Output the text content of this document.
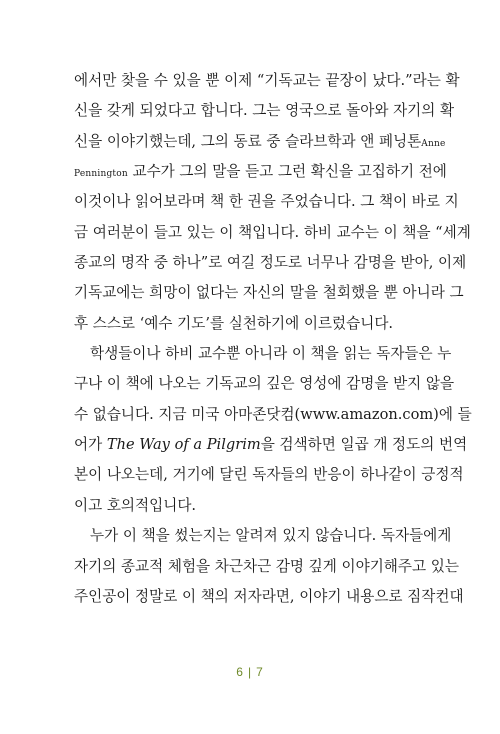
에서만 찾을 수 있을 뿐 이제 “기독교는 끝장이 났다.”라는 확
신을 갖게 되었다고 합니다. 그는 영국으로 돌아와 자기의 확
신을 이야기했는데, 그의 동료 중 슬라브학과 앤 페닝톤Anne
Pennington 교수가 그의 말을 듣고 그런 확신을 고집하기 전에
이것이나 읽어보라며 책 한 권을 주었습니다. 그 책이 바로 지
금 여러분이 들고 있는 이 책입니다. 하비 교수는 이 책을 “세계
종교의 명작 중 하나”로 여길 정도로 너무나 감명을 받아, 이제
기독교에는 희망이 없다는 자신의 말을 철회했을 뿐 아니라 그
후 스스로 ‘예수 기도’를 실천하기에 이르렀습니다.
학생들이나 하비 교수뿐 아니라 이 책을 읽는 독자들은 누
구나 이 책에 나오는 기독교의 깊은 영성에 감명을 받지 않을
수 없습니다. 지금 미국 아마존닷컴(www.amazon.com)에 들
어가 The Way of a Pilgrim을 검색하면 일곱 개 정도의 번역
본이 나오는데, 거기에 달린 독자들의 반응이 하나같이 긍정적
이고 호의적입니다.
누가 이 책을 썼는지는 알려져 있지 않습니다. 독자들에게
자기의 종교적 체험을 차근차근 감명 깊게 이야기해주고 있는
주인공이 정말로 이 책의 저자라면, 이야기 내용으로 짐작컨대
6 | 7
